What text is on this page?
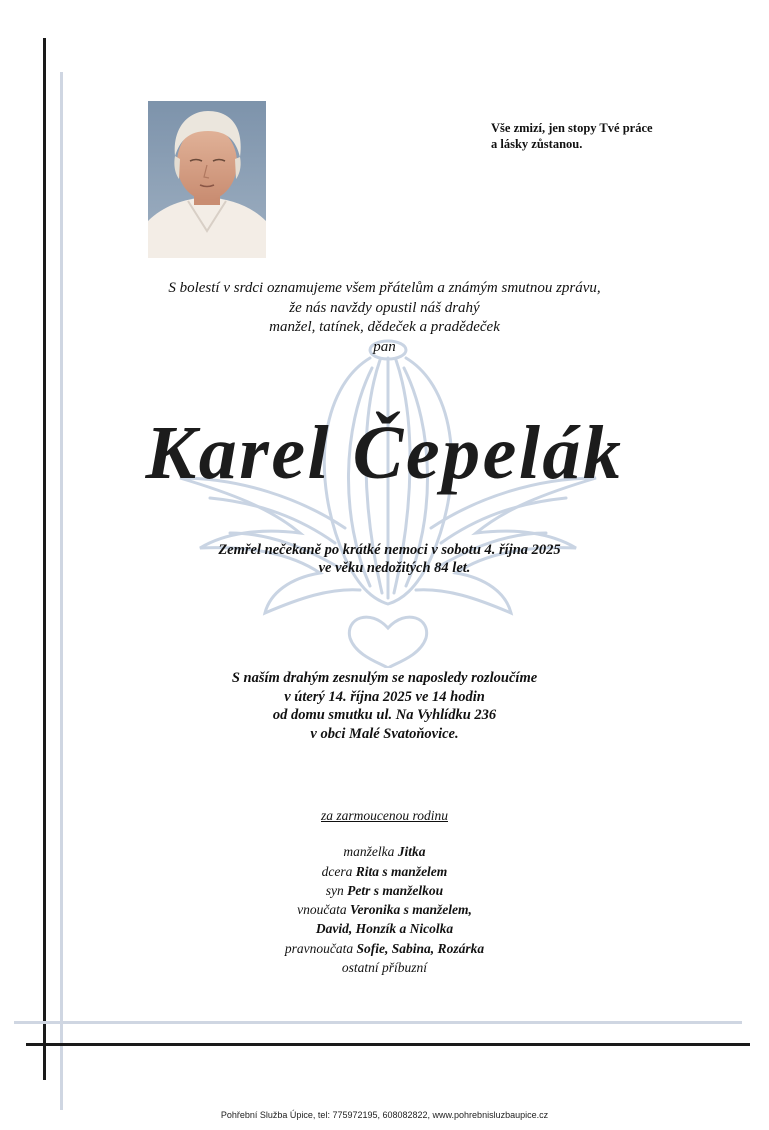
Vše zmizí, jen stopy Tvé práce
a lásky zůstanou.
S bolestí v srdci oznamujeme všem přátelům a známým smutnou zprávu,
že nás navždy opustil náš drahý
manžel, tatínek, dědeček a pradědeček
pan
Karel Čepelák
Zemřel nečekaně po krátké nemoci v sobotu 4. října 2025
ve věku nedožitých 84 let.
S naším drahým zesnulým se naposledy rozloučíme
v úterý 14. října 2025 ve 14 hodin
od domu smutku ul. Na Vyhlídku 236
v obci Malé Svatoňovice.
za zarmoucenou rodinu
manželka Jitka
dcera Rita s manželem
syn Petr s manželkou
vnoučata Veronika s manželem,
David, Honzík a Nicolka
pravnoučata Sofie, Sabina, Rozárka
ostatní příbuzní
Pohřební Služba Úpice, tel: 775972195, 608082822, www.pohrebnisluzbaupice.cz
